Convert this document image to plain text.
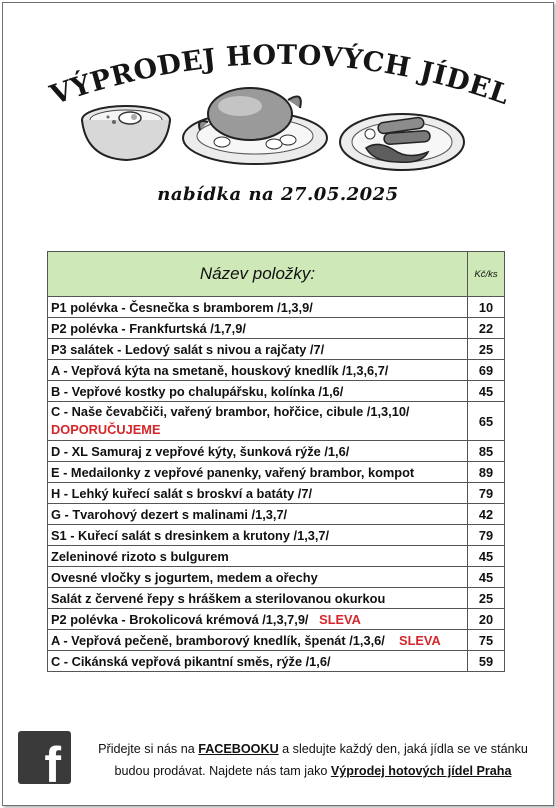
VÝPRODEJ HOTOVÝCH JÍDEL
nabídka na 27.05.2025
Název položky:	Kč/ks
P1 polévka - Česnečka s bramborem /1,3,9/	10
P2 polévka - Frankfurtská /1,7,9/	22
P3 salátek - Ledový salát s nivou a rajčaty /7/	25
A - Vepřová kýta na smetaně, houskový knedlík /1,3,6,7/	69
B - Vepřové kostky po chalupářsku, kolínka /1,6/	45
C - Naše čevabčiči, vařený brambor, hořčice, cibule /1,3,10/
DOPORUČUJEME	65
D - XL Samuraj z vepřové kýty, šunková rýže /1,6/	85
E - Medailonky z vepřové panenky, vařený brambor, kompot	89
H - Lehký kuřecí salát s broskví a batáty /7/	79
G - Tvarohový dezert s malinami /1,3,7/	42
S1 - Kuřecí salát s dresinkem a krutony /1,3,7/	79
Zeleninové rizoto s bulgurem	45
Ovesné vločky s jogurtem, medem a ořechy	45
Salát z červené řepy s hráškem a sterilovanou okurkou	25
P2 polévka - Brokolicová krémová /1,3,7,9/ SLEVA	20
A - Vepřová pečeně, bramborový knedlík, špenát /1,3,6/ SLEVA	75
C - Cikánská vepřová pikantní směs, rýže /1,6/	59
f	Přidejte si nás na FACEBOOKU a sledujte každý den, jaká jídla se ve stánku
budou prodávat. Najdete nás tam jako Výprodej hotových jídel Praha
